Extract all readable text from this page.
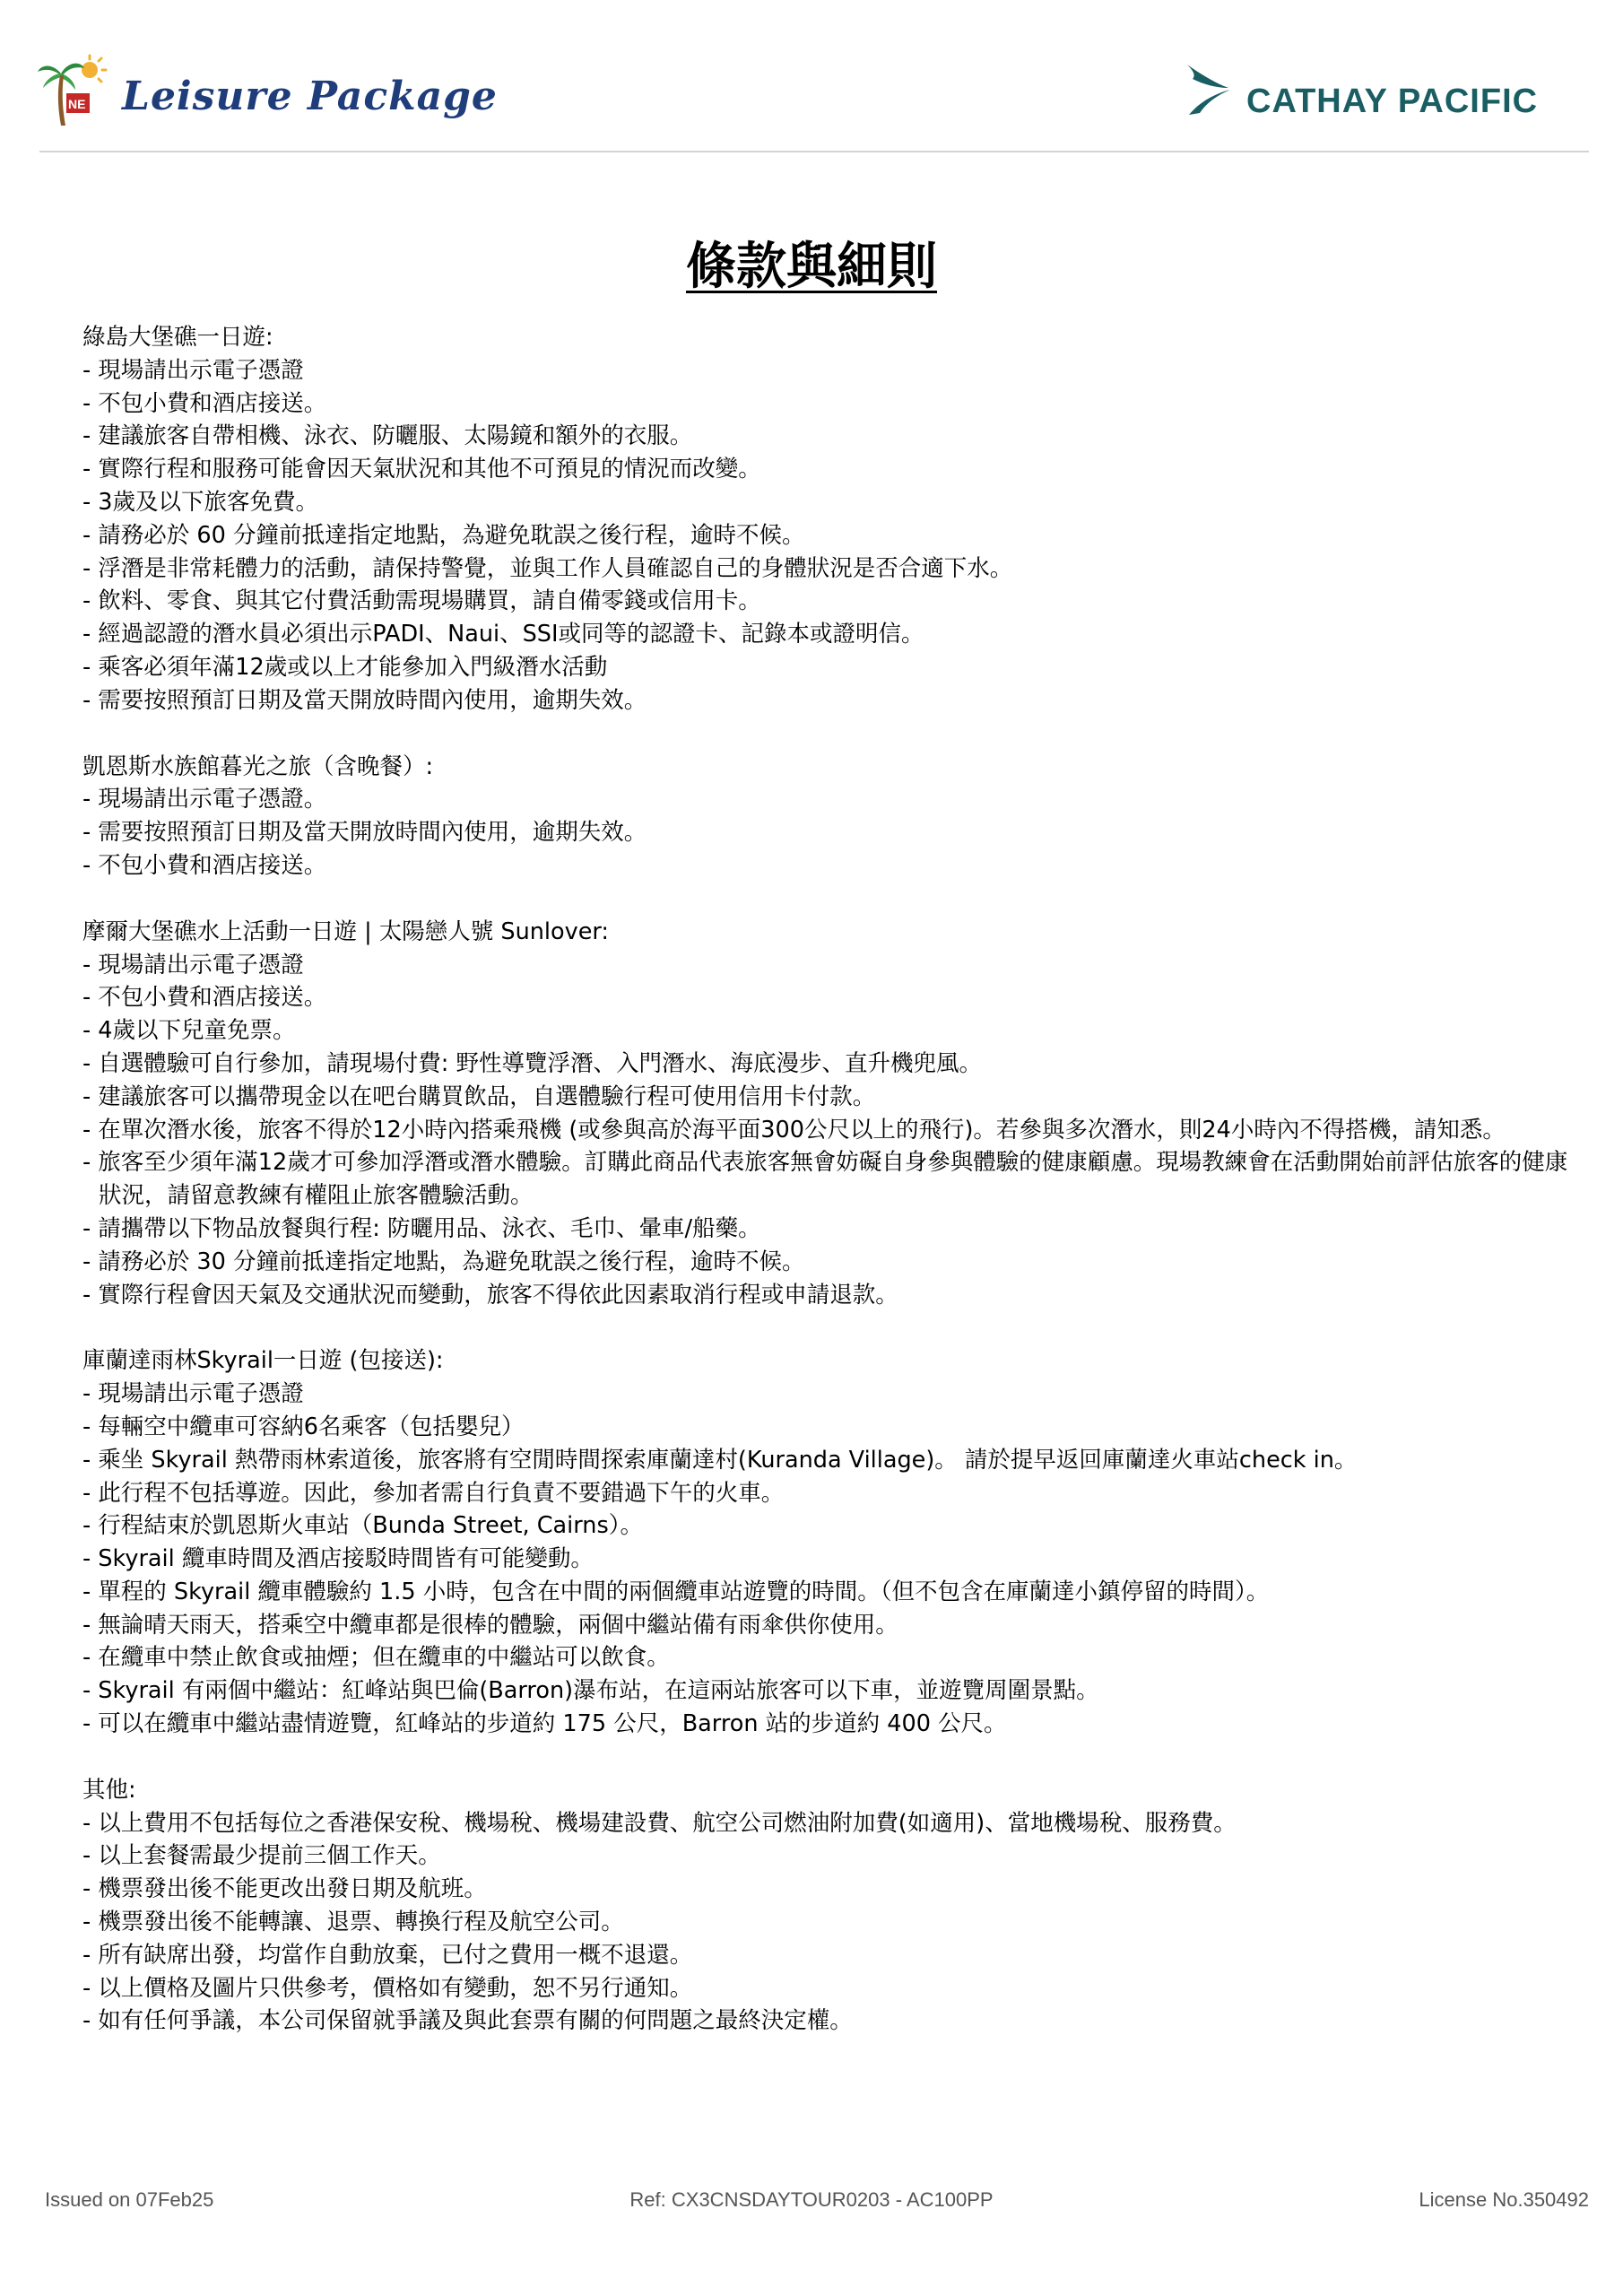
NE Leisure Package	CATHAY PACIFIC
條款與細則

綠島大堡礁一日遊:

- 現場請出示電子憑證

- 不包小費和酒店接送。

- 建議旅客自帶相機、泳衣、防曬服、太陽鏡和額外的衣服。

- 實際行程和服務可能會因天氣狀況和其他不可預見的情況而改變。

- 3歲及以下旅客免費。

- 請務必於 60 分鐘前抵達指定地點，為避免耽誤之後行程，逾時不候。

- 浮潛是非常耗體力的活動，請保持警覺，並與工作人員確認自己的身體狀況是否合適下水。

- 飲料、零食、與其它付費活動需現場購買，請自備零錢或信用卡。

- 經過認證的潛水員必須出示PADI、Naui、SSI或同等的認證卡、記錄本或證明信。

- 乘客必須年滿12歲或以上才能參加入門級潛水活動

- 需要按照預訂日期及當天開放時間內使用，逾期失效。

凱恩斯水族館暮光之旅（含晚餐）:

- 現場請出示電子憑證。

- 需要按照預訂日期及當天開放時間內使用，逾期失效。

- 不包小費和酒店接送。

摩爾大堡礁水上活動一日遊 | 太陽戀人號 Sunlover:

- 現場請出示電子憑證

- 不包小費和酒店接送。

- 4歲以下兒童免票。

- 自選體驗可自行參加，請現場付費: 野性導覽浮潛、入門潛水、海底漫步、直升機兜風。

- 建議旅客可以攜帶現金以在吧台購買飲品，自選體驗行程可使用信用卡付款。

- 在單次潛水後，旅客不得於12小時內搭乘飛機 (或參與高於海平面300公尺以上的飛行)。若參與多次潛水，則24小時內不得搭機，請知悉。

- 旅客至少須年滿12歲才可參加浮潛或潛水體驗。訂購此商品代表旅客無會妨礙自身參與體驗的健康顧慮。現場教練會在活動開始前評估旅客的健康狀況，請留意教練有權阻止旅客體驗活動。

- 請攜帶以下物品放餐與行程: 防曬用品、泳衣、毛巾、暈車/船藥。

- 請務必於 30 分鐘前抵達指定地點，為避免耽誤之後行程，逾時不候。

- 實際行程會因天氣及交通狀況而變動，旅客不得依此因素取消行程或申請退款。

庫蘭達雨林Skyrail一日遊 (包接送):

- 現場請出示電子憑證

- 每輛空中纜車可容納6名乘客（包括嬰兒）

- 乘坐 Skyrail 熱帶雨林索道後，旅客將有空閒時間探索庫蘭達村(Kuranda Village)。 請於提早返回庫蘭達火車站check in。

- 此行程不包括導遊。因此，參加者需自行負責不要錯過下午的火車。

- 行程結束於凱恩斯火車站（Bunda Street, Cairns）。

- Skyrail 纜車時間及酒店接駁時間皆有可能變動。

- 單程的 Skyrail 纜車體驗約 1.5 小時，包含在中間的兩個纜車站遊覽的時間。（但不包含在庫蘭達小鎮停留的時間）。

- 無論晴天雨天，搭乘空中纜車都是很棒的體驗，兩個中繼站備有雨傘供你使用。

- 在纜車中禁止飲食或抽煙；但在纜車的中繼站可以飲食。

- Skyrail 有兩個中繼站：紅峰站與巴倫(Barron)瀑布站，在這兩站旅客可以下車，並遊覽周圍景點。

- 可以在纜車中繼站盡情遊覽，紅峰站的步道約 175 公尺，Barron 站的步道約 400 公尺。

其他:

- 以上費用不包括每位之香港保安稅、機場稅、機場建設費、航空公司燃油附加費(如適用)、當地機場稅、服務費。

- 以上套餐需最少提前三個工作天。

- 機票發出後不能更改出發日期及航班。

- 機票發出後不能轉讓、退票、轉換行程及航空公司。

- 所有缺席出發，均當作自動放棄，已付之費用一概不退還。

- 以上價格及圖片只供參考，價格如有變動，恕不另行通知。

- 如有任何爭議，本公司保留就爭議及與此套票有關的何問題之最終決定權。

Issued on 07Feb25	Ref: CX3CNSDAYTOUR0203 - AC100PP	License No.350492
